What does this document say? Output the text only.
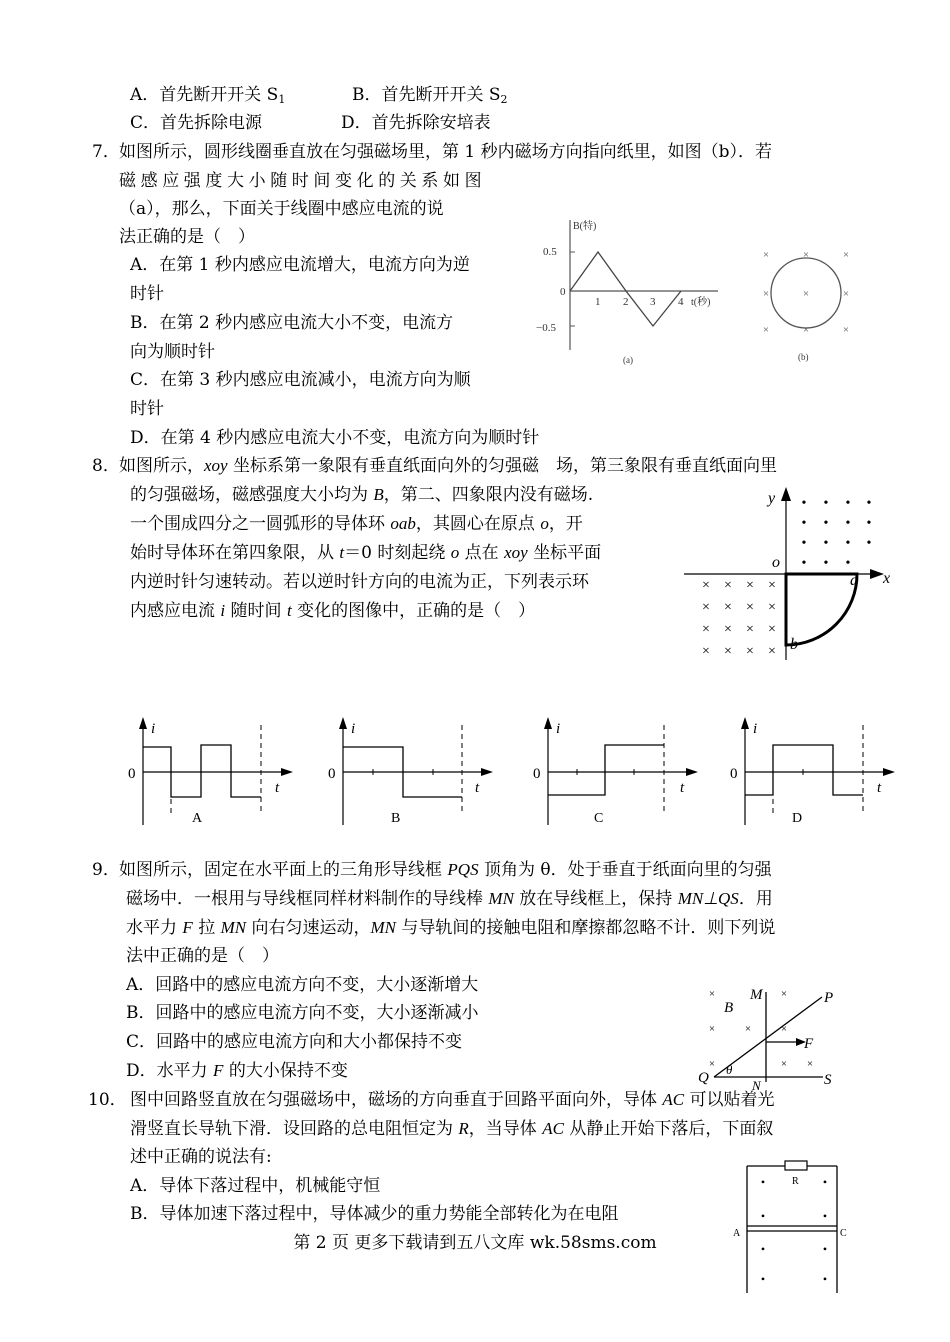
A．首先断开开关 $S_1$	B．首先断开开关 $S_2$
C．首先拆除电源	D．首先拆除安培表
7． 如图所示，圆形线圈垂直放在匀强磁场里，第 1 秒内磁场方向指向纸里，如图（b）．若
磁感应强度大小随时间变化的关系如图
（a），那么，下面关于线圈中感应电流的说
法正确的是（　）
A．在第 1 秒内感应电流增大，电流方向为逆
时针
B．在第 2 秒内感应电流大小不变，电流方
向为顺时针
C．在第 3 秒内感应电流减小，电流方向为顺
时针
D．在第 4 秒内感应电流大小不变，电流方向为顺时针
B(特)
0.5
−0.5
0
1 2 3 4 t(秒)
(a)
×	×	×
×	×	×
×	×	×
(b)
8． 如图所示，xoy 坐标系第一象限有垂直纸面向外的匀强磁　场，第三象限有垂直纸面向里
的匀强磁场，磁感强度大小均为 B，第二、四象限内没有磁场.
一个围成四分之一圆弧形的导体环 oab，其圆心在原点 o，开
始时导体环在第四象限，从 t＝0 时刻起绕 o 点在 xoy 坐标平面
内逆时针匀速转动。若以逆时针方向的电流为正，下列表示环
内感应电流 i 随时间 t 变化的图像中，正确的是（　）
y
x
o
a
b
• • • •
• • • •
• • • •
• • •
× × × ×
× × × ×
× × × ×
× × × ×
i
0
t
A
i
0
t
B
i
0
t
C
i
0
t
D
9． 如图所示，固定在水平面上的三角形导线框 PQS 顶角为 θ．处于垂直于纸面向里的匀强
磁场中．一根用与导线框同样材料制作的导线棒 MN 放在导线框上，保持 MN⊥QS．用
水平力 F 拉 MN 向右匀速运动，MN 与导轨间的接触电阻和摩擦都忽略不计．则下列说
法中正确的是（　）
A．回路中的感应电流方向不变，大小逐渐增大
B．回路中的感应电流方向不变，大小逐渐减小
C．回路中的感应电流方向和大小都保持不变
D．水平力 F 的大小保持不变
×	×
×	×	×
×	× ×
M	P
B
F
Q
θ
N	S
10． 图中回路竖直放在匀强磁场中，磁场的方向垂直于回路平面向外，导体 AC 可以贴着光
滑竖直长导轨下滑．设回路的总电阻恒定为 R，当导体 AC 从静止开始下落后，下面叙
述中正确的说法有:
A．导体下落过程中，机械能守恒
B．导体加速下落过程中，导体减少的重力势能全部转化为在电阻
R
A	C
•	•
•	•
•	•
•	•
第 2 页 更多下载请到五八文库 wk.58sms.com
